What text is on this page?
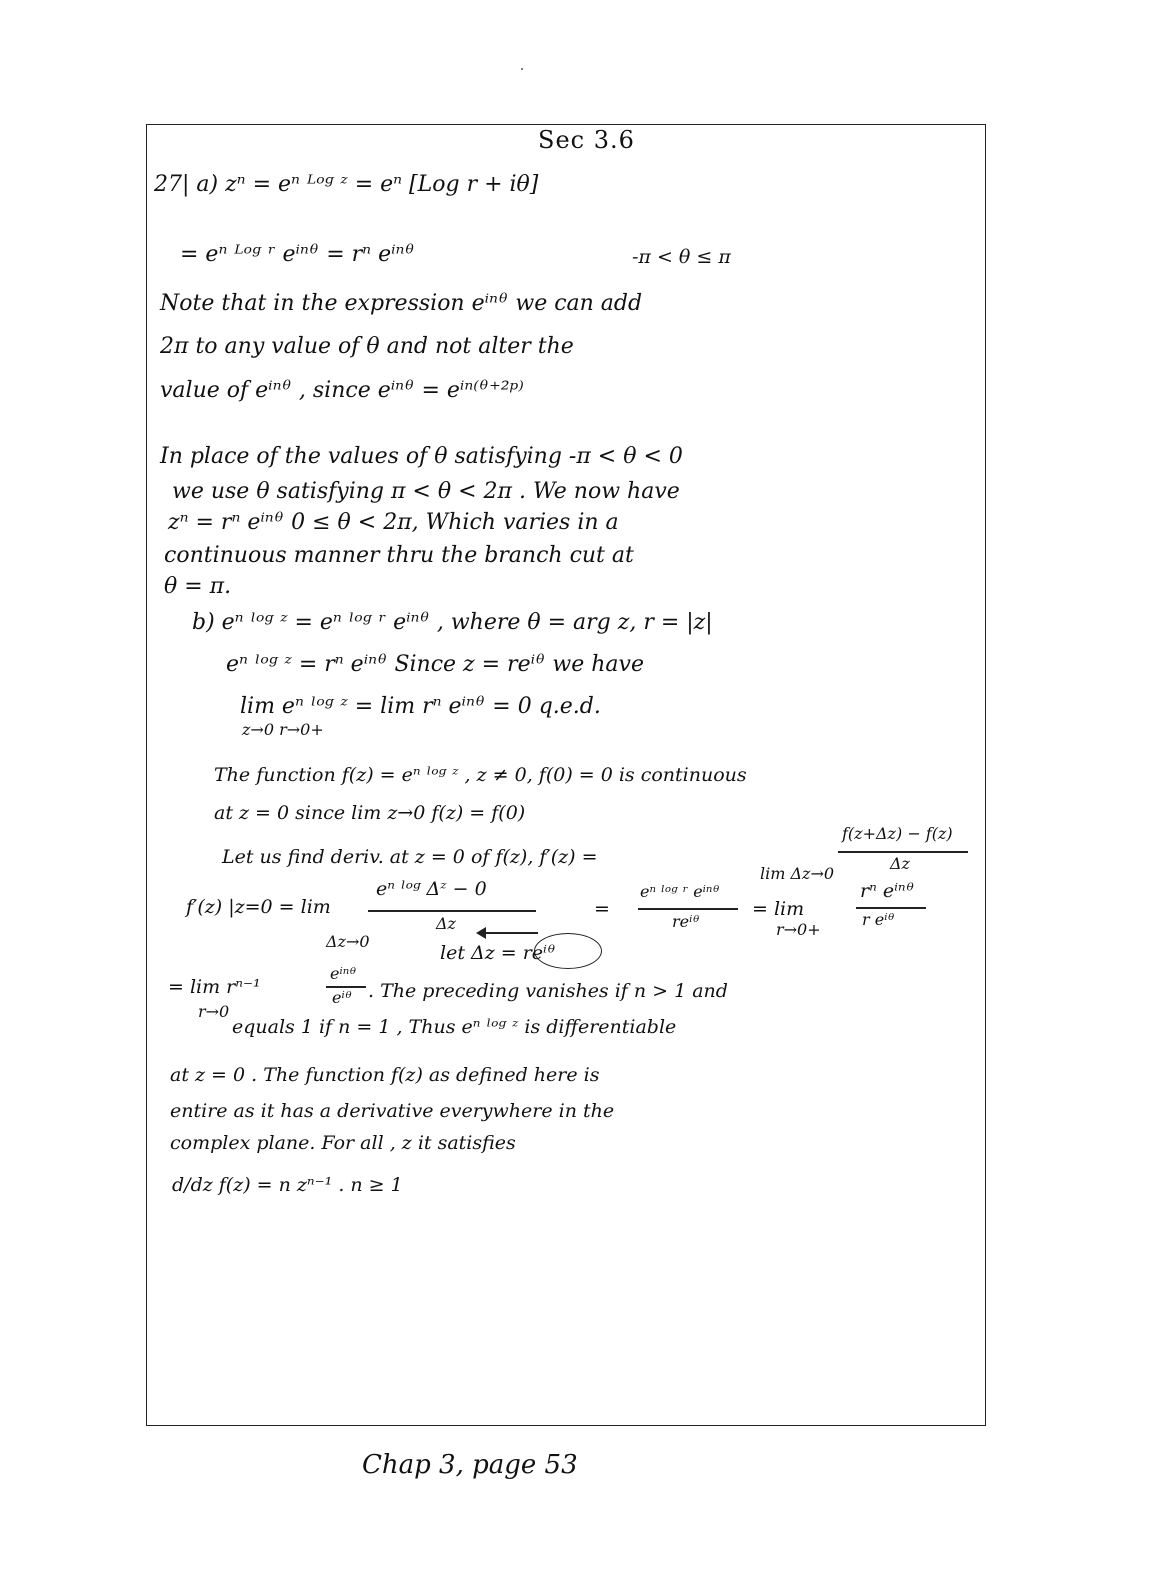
Sec 3.6
27| a) zⁿ = eⁿ ᴸᵒᵍ ᶻ = eⁿ [Log r + iθ]
= eⁿ ᴸᵒᵍ ʳ eⁱⁿᶿ = rⁿ eⁱⁿᶿ	-π < θ ≤ π
Note that in the expression eⁱⁿᶿ we can add
2π to any value of θ and not alter the
value of eⁱⁿᶿ , since eⁱⁿᶿ = eⁱⁿ⁽ᶿ⁺²ᵖ⁾
In place of the values of θ satisfying -π < θ < 0
we use θ satisfying π < θ < 2π . We now have
zⁿ = rⁿ eⁱⁿᶿ 0 ≤ θ < 2π, Which varies in a
continuous manner thru the branch cut at
θ = π.
b) eⁿ ˡᵒᵍ ᶻ = eⁿ ˡᵒᵍ ʳ eⁱⁿᶿ , where θ = arg z, r = |z|
eⁿ ˡᵒᵍ ᶻ = rⁿ eⁱⁿᶿ Since z = reⁱᶿ we have
lim eⁿ ˡᵒᵍ ᶻ = lim rⁿ eⁱⁿᶿ = 0 q.e.d.
z→0 r→0+
The function f(z) = eⁿ ˡᵒᵍ ᶻ , z ≠ 0, f(0) = 0 is continuous
at z = 0 since lim z→0 f(z) = f(0)
Let us find deriv. at z = 0 of f(z), f′(z) =
f(z+Δz) − f(z)
Δz
lim Δz→0
f′(z) |z=0 = lim
Δz→0
eⁿ ˡᵒᵍ Δᶻ − 0
Δz
=
eⁿ ˡᵒᵍ ʳ eⁱⁿᶿ
reⁱᶿ
= lim
r→0+
rⁿ eⁱⁿᶿ
r eⁱᶿ
let Δz = reⁱᶿ
= lim rⁿ⁻¹
r→0
eⁱⁿᶿ
eⁱᶿ . The preceding vanishes if n > 1 and
equals 1 if n = 1 , Thus eⁿ ˡᵒᵍ ᶻ is differentiable
at z = 0 . The function f(z) as defined here is
entire as it has a derivative everywhere in the
complex plane. For all , z it satisfies
d/dz f(z) = n zⁿ⁻¹ . n ≥ 1
Chap 3, page 53
